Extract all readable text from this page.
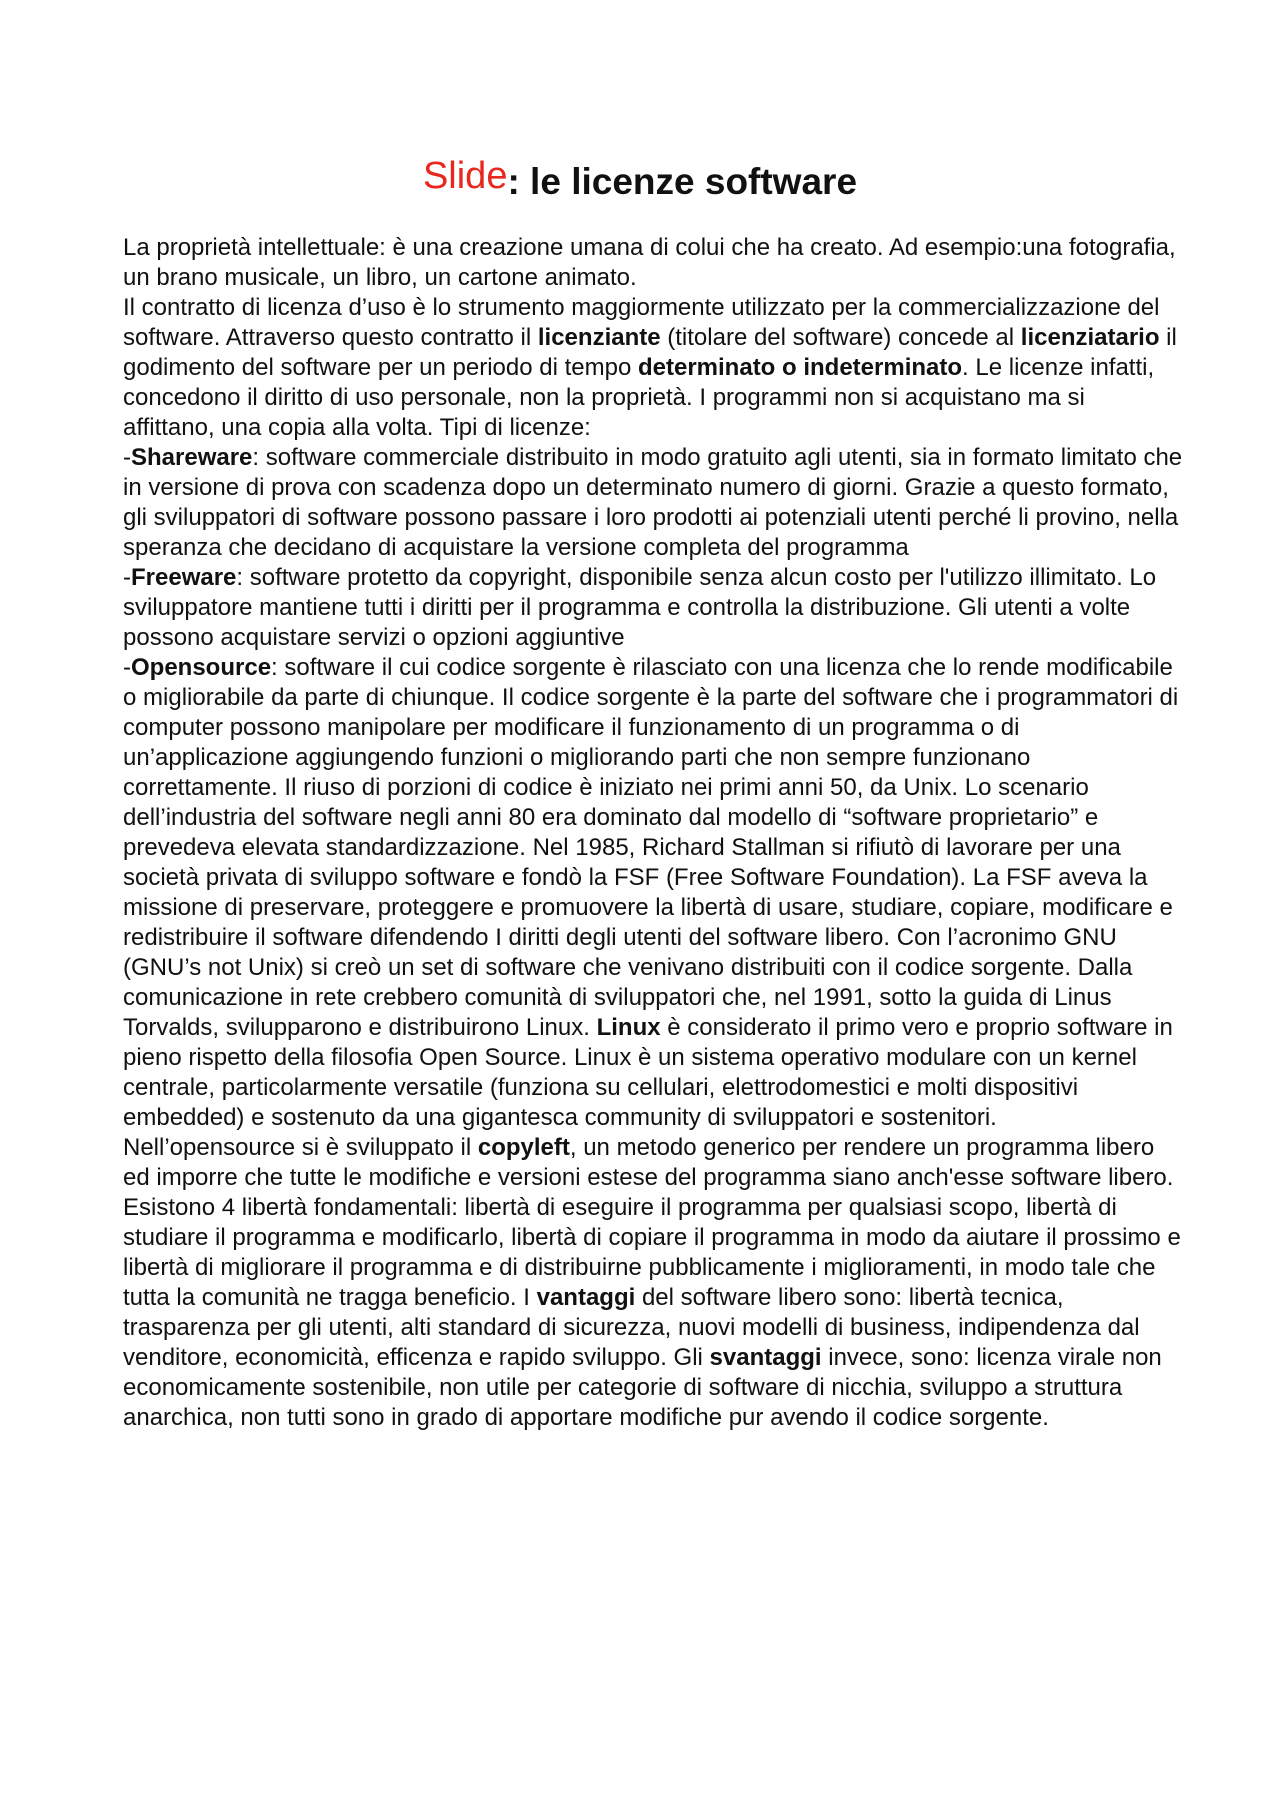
Slide: le licenze software

La proprietà intellettuale: è una creazione umana di colui che ha creato. Ad esempio:una fotografia, un brano musicale, un libro, un cartone animato.

Il contratto di licenza d’uso è lo strumento maggiormente utilizzato per la commercializzazione del software. Attraverso questo contratto il licenziante (titolare del software) concede al licenziatario il godimento del software per un periodo di tempo determinato o indeterminato. Le licenze infatti, concedono il diritto di uso personale, non la proprietà. I programmi non si acquistano ma si affittano, una copia alla volta. Tipi di licenze:

-Shareware: software commerciale distribuito in modo gratuito agli utenti, sia in formato limitato che in versione di prova con scadenza dopo un determinato numero di giorni. Grazie a questo formato, gli sviluppatori di software possono passare i loro prodotti ai potenziali utenti perché li provino, nella speranza che decidano di acquistare la versione completa del programma

-Freeware: software protetto da copyright, disponibile senza alcun costo per l'utilizzo illimitato. Lo sviluppatore mantiene tutti i diritti per il programma e controlla la distribuzione. Gli utenti a volte possono acquistare servizi o opzioni aggiuntive

-Opensource: software il cui codice sorgente è rilasciato con una licenza che lo rende modificabile o migliorabile da parte di chiunque. Il codice sorgente è la parte del software che i programmatori di computer possono manipolare per modificare il funzionamento di un programma o di un’applicazione aggiungendo funzioni o migliorando parti che non sempre funzionano correttamente. Il riuso di porzioni di codice è iniziato nei primi anni 50, da Unix. Lo scenario dell’industria del software negli anni 80 era dominato dal modello di “software proprietario” e prevedeva elevata standardizzazione. Nel 1985, Richard Stallman si rifiutò di lavorare per una società privata di sviluppo software e fondò la FSF (Free Software Foundation). La FSF aveva la missione di preservare, proteggere e promuovere la libertà di usare, studiare, copiare, modificare e redistribuire il software difendendo I diritti degli utenti del software libero. Con l’acronimo GNU (GNU’s not Unix) si creò un set di software che venivano distribuiti con il codice sorgente. Dalla comunicazione in rete crebbero comunità di sviluppatori che, nel 1991, sotto la guida di Linus Torvalds, svilupparono e distribuirono Linux. Linux è considerato il primo vero e proprio software in pieno rispetto della filosofia Open Source. Linux è un sistema operativo modulare con un kernel centrale, particolarmente versatile (funziona su cellulari, elettrodomestici e molti dispositivi embedded) e sostenuto da una gigantesca community di sviluppatori e sostenitori.

Nell’opensource si è sviluppato il copyleft, un metodo generico per rendere un programma libero ed imporre che tutte le modifiche e versioni estese del programma siano anch'esse software libero. Esistono 4 libertà fondamentali: libertà di eseguire il programma per qualsiasi scopo, libertà di studiare il programma e modificarlo, libertà di copiare il programma in modo da aiutare il prossimo e libertà di migliorare il programma e di distribuirne pubblicamente i miglioramenti, in modo tale che tutta la comunità ne tragga beneficio. I vantaggi del software libero sono: libertà tecnica, trasparenza per gli utenti, alti standard di sicurezza, nuovi modelli di business, indipendenza dal venditore, economicità, efficenza e rapido sviluppo. Gli svantaggi invece, sono: licenza virale non economicamente sostenibile, non utile per categorie di software di nicchia, sviluppo a struttura anarchica, non tutti sono in grado di apportare modifiche pur avendo il codice sorgente.
